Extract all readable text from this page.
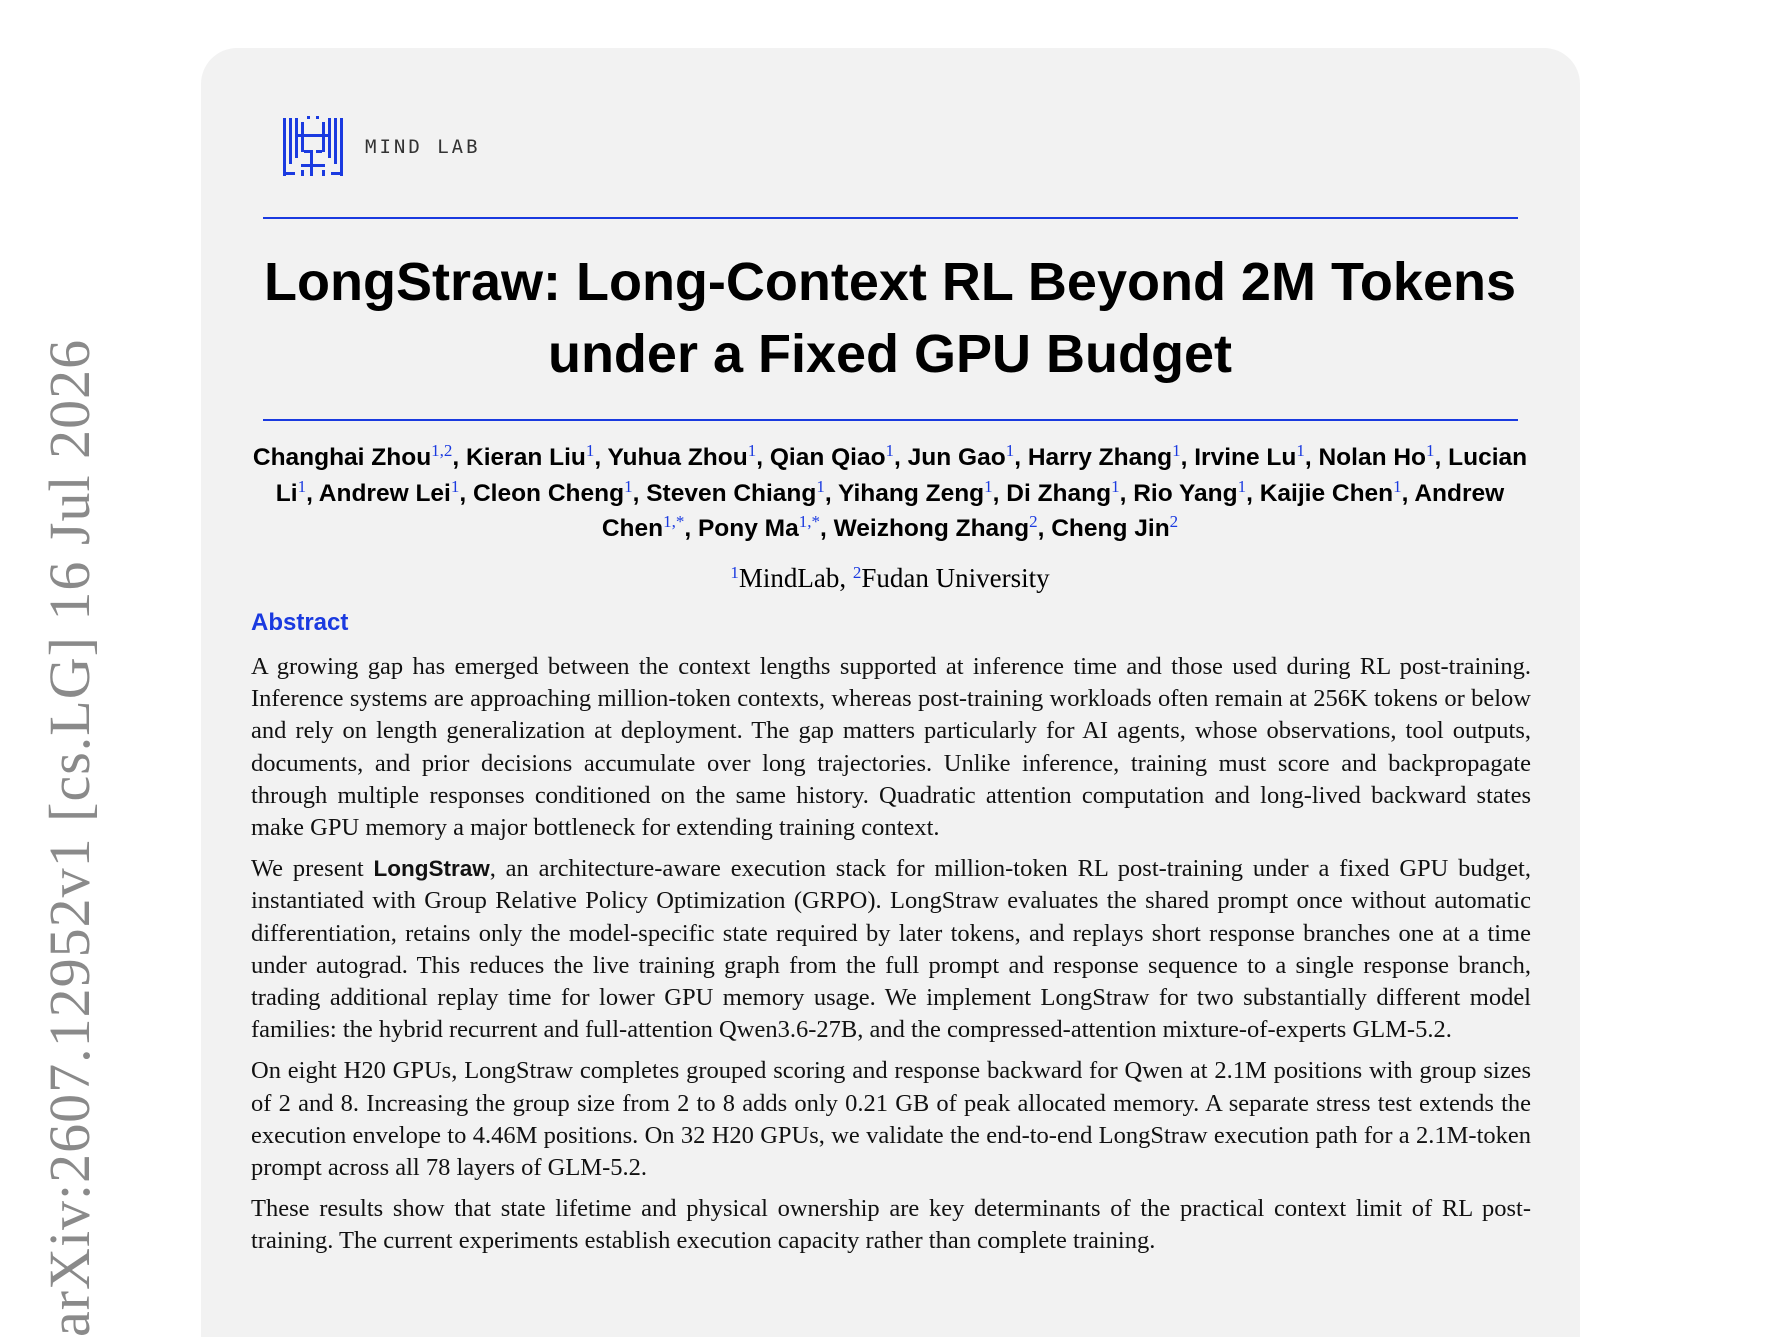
arXiv:2607.12952v1 [cs.LG] 16 Jul 2026
MIND LAB
LongStraw: Long-Context RL Beyond 2M Tokens
under a Fixed GPU Budget
Changhai Zhou$^{1,2}$, Kieran Liu$^1$, Yuhua Zhou$^1$, Qian Qiao$^1$, Jun Gao$^1$, Harry Zhang$^1$, Irvine Lu$^1$, Nolan Ho$^1$, Lucian Li$^1$, Andrew Lei$^1$, Cleon Cheng$^1$, Steven Chiang$^1$, Yihang Zeng$^1$, Di Zhang$^1$, Rio Yang$^1$, Kaijie Chen$^1$, Andrew Chen$^{1,*}$, Pony $Ma^{1,*}$, Weizhong Zhang$^2$, Cheng Jin$^2$
$^1$MindLab, $^2$Fudan University
Abstract

A growing gap has emerged between the context lengths supported at inference time and those used during RL post-training. Inference systems are approaching million-token contexts, whereas post-training workloads often remain at 256K tokens or below and rely on length generalization at deployment. The gap matters particularly for AI agents, whose observations, tool outputs, documents, and prior decisions accumulate over long trajectories. Unlike inference, training must score and backpropagate through multiple responses conditioned on the same history. Quadratic attention computation and long-lived backward states make GPU memory a major bottleneck for extending training context.

We present LongStraw, an architecture-aware execution stack for million-token RL post-training under a fixed GPU budget, instantiated with Group Relative Policy Optimization (GRPO). LongStraw evaluates the shared prompt once without automatic differentiation, retains only the model-specific state required by later tokens, and replays short response branches one at a time under autograd. This reduces the live training graph from the full prompt and response sequence to a single response branch, trading additional replay time for lower GPU memory usage. We implement LongStraw for two substantially different model families: the hybrid recurrent and full-attention Qwen3.6-27B, and the compressed-attention mixture-of-experts GLM-5.2.

On eight H20 GPUs, LongStraw completes grouped scoring and response backward for Qwen at 2.1M positions with group sizes of 2 and 8. Increasing the group size from 2 to 8 adds only 0.21 GB of peak allocated memory. A separate stress test extends the execution envelope to 4.46M positions. On 32 H20 GPUs, we validate the end-to-end LongStraw execution path for a 2.1M-token prompt across all 78 layers of GLM-5.2.

These results show that state lifetime and physical ownership are key determinants of the practical context limit of RL post-training. The current experiments establish execution capacity rather than complete training.
